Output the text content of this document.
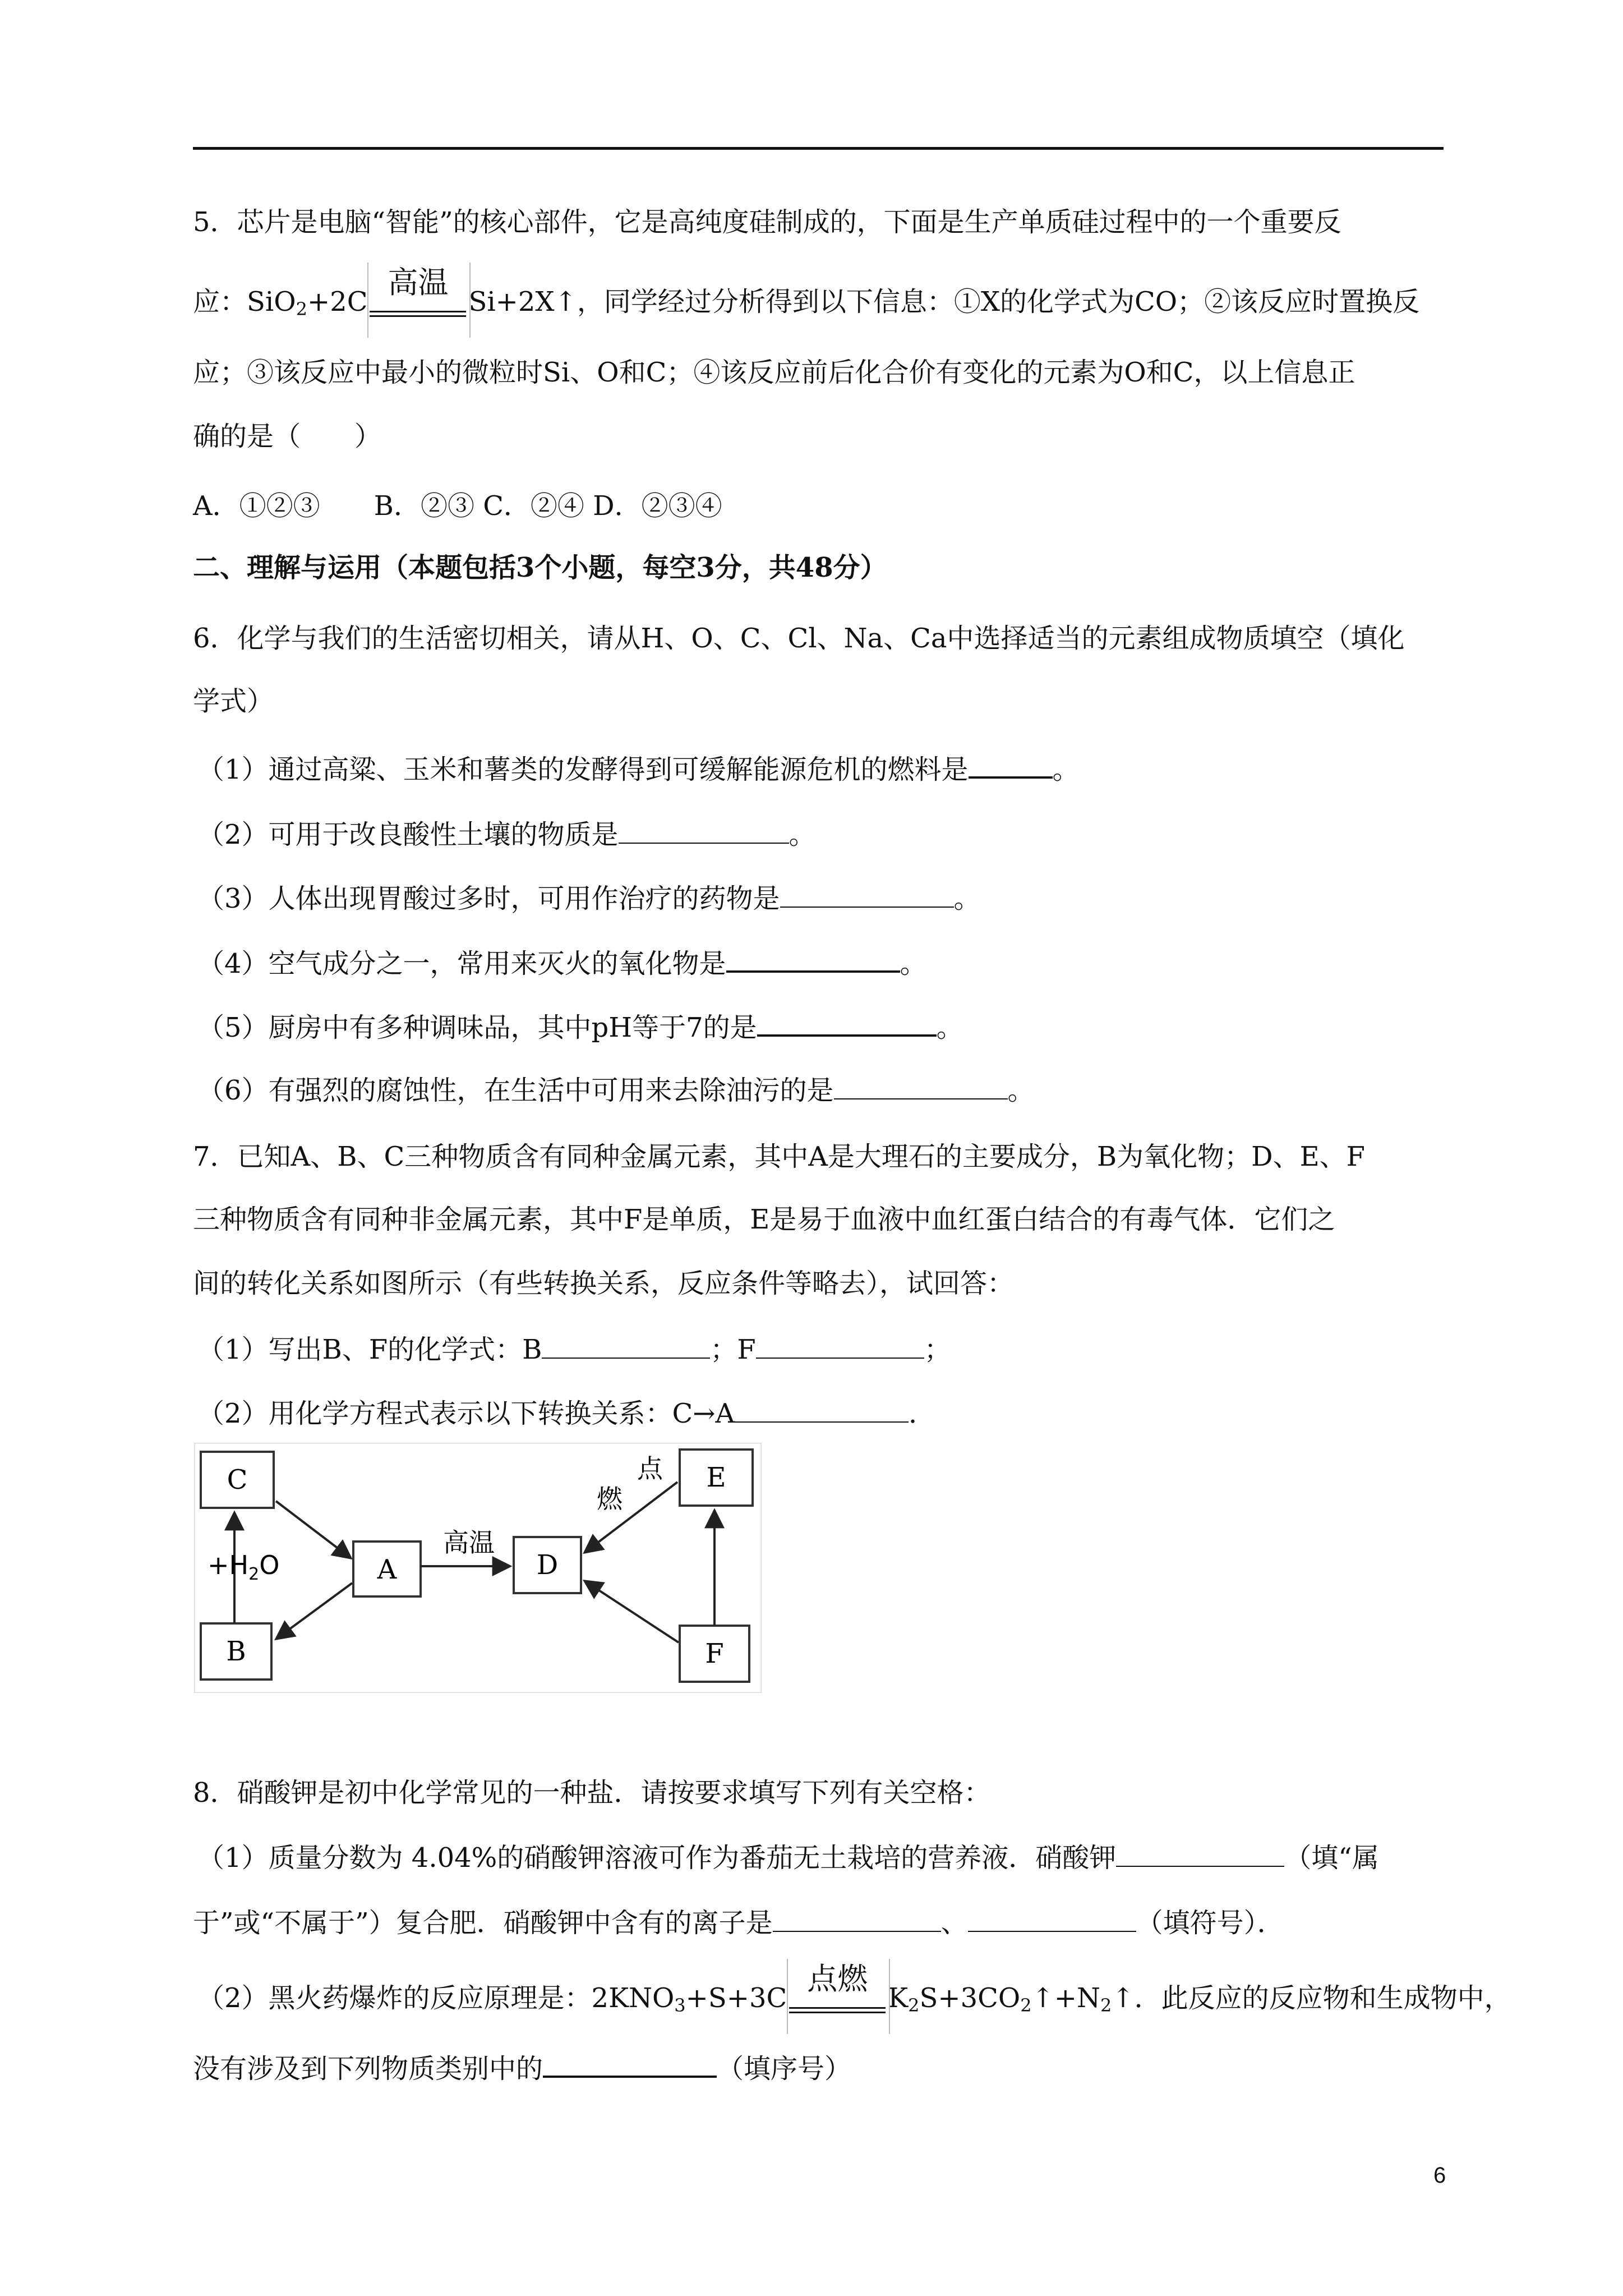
5．芯片是电脑“智能”的核心部件，它是高纯度硅制成的，下面是生产单质硅过程中的一个重要反
应：SiO$_2$+2C
高温
Si+2X↑，同学经过分析得到以下信息：①X的化学式为CO；②该反应时置换反
应；③该反应中最小的微粒时Si、O和C；④该反应前后化合价有变化的元素为O和C，以上信息正
确的是（　　）
A．①②③　　B．②③ C．②④ D．②③④
二、理解与运用（本题包括3个小题，每空3分，共48分）
6．化学与我们的生活密切相关，请从H、O、C、Cl、Na、Ca中选择适当的元素组成物质填空（填化
学式）
（1）通过高粱、玉米和薯类的发酵得到可缓解能源危机的燃料是	。
（2）可用于改良酸性土壤的物质是	。
（3）人体出现胃酸过多时，可用作治疗的药物是	。
（4）空气成分之一，常用来灭火的氧化物是	。
（5）厨房中有多种调味品，其中pH等于7的是	。
（6）有强烈的腐蚀性，在生活中可用来去除油污的是	。
7．已知A、B、C三种物质含有同种金属元素，其中A是大理石的主要成分，B为氧化物；D、E、F
三种物质含有同种非金属元素，其中F是单质，E是易于血液中血红蛋白结合的有毒气体．它们之
间的转化关系如图所示（有些转换关系，反应条件等略去），试回答：
（1）写出B、F的化学式：B	；F	；
（2）用化学方程式表示以下转换关系：C→A	．
C
A	D
E
B	F
$+H_2O$
高温
点
燃
8．硝酸钾是初中化学常见的一种盐．请按要求填写下列有关空格：
（1）质量分数为 4.04%的硝酸钾溶液可作为番茄无土栽培的营养液．硝酸钾	（填“属
于”或“不属于”）复合肥．硝酸钾中含有的离子是	、	（填符号）．
（2）黑火药爆炸的反应原理是：$2KNO_3+S+3C$
点燃
$K_2S+3CO_2↑+N_2↑$．此反应的反应物和生成物中，
没有涉及到下列物质类别中的	（填序号）
6
